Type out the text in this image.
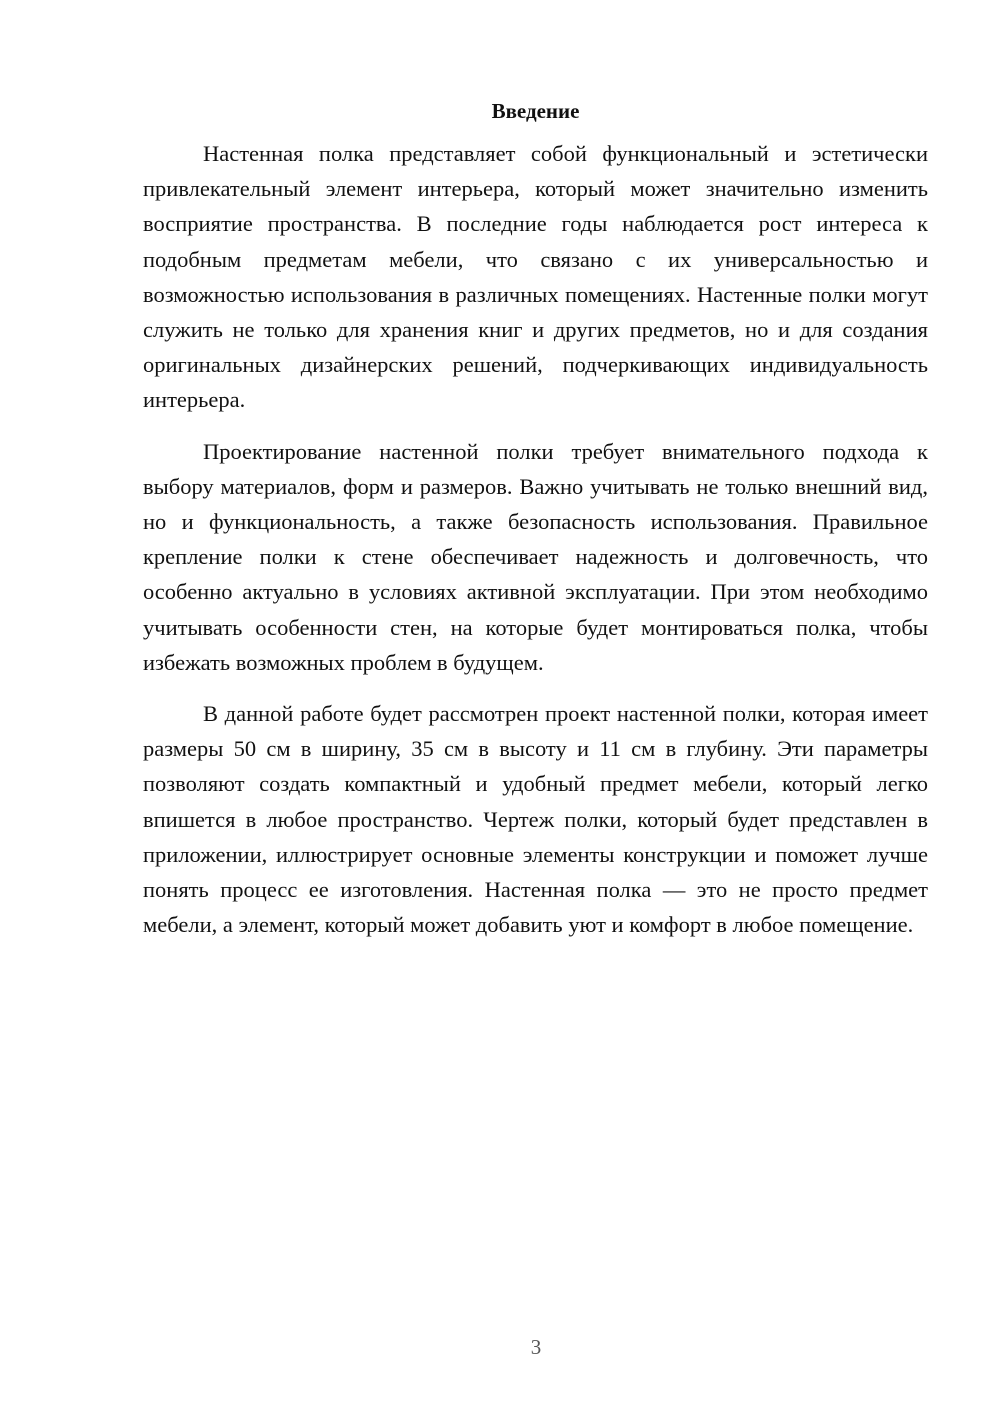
Введение

Настенная полка представляет собой функциональный и эстетически привлекательный элемент интерьера, который может значительно изменить восприятие пространства. В последние годы наблюдается рост интереса к подобным предметам мебели, что связано с их универсальностью и возможностью использования в различных помещениях. Настенные полки могут служить не только для хранения книг и других предметов, но и для создания оригинальных дизайнерских решений, подчеркивающих индивидуальность интерьера.

Проектирование настенной полки требует внимательного подхода к выбору материалов, форм и размеров. Важно учитывать не только внешний вид, но и функциональность, а также безопасность использования. Правильное крепление полки к стене обеспечивает надежность и долговечность, что особенно актуально в условиях активной эксплуатации. При этом необходимо учитывать особенности стен, на которые будет монтироваться полка, чтобы избежать возможных проблем в будущем.

В данной работе будет рассмотрен проект настенной полки, которая имеет размеры 50 см в ширину, 35 см в высоту и 11 см в глубину. Эти параметры позволяют создать компактный и удобный предмет мебели, который легко впишется в любое пространство. Чертеж полки, который будет представлен в приложении, иллюстрирует основные элементы конструкции и поможет лучше понять процесс ее изготовления. Настенная полка — это не просто предмет мебели, а элемент, который может добавить уют и комфорт в любое помещение.

3
